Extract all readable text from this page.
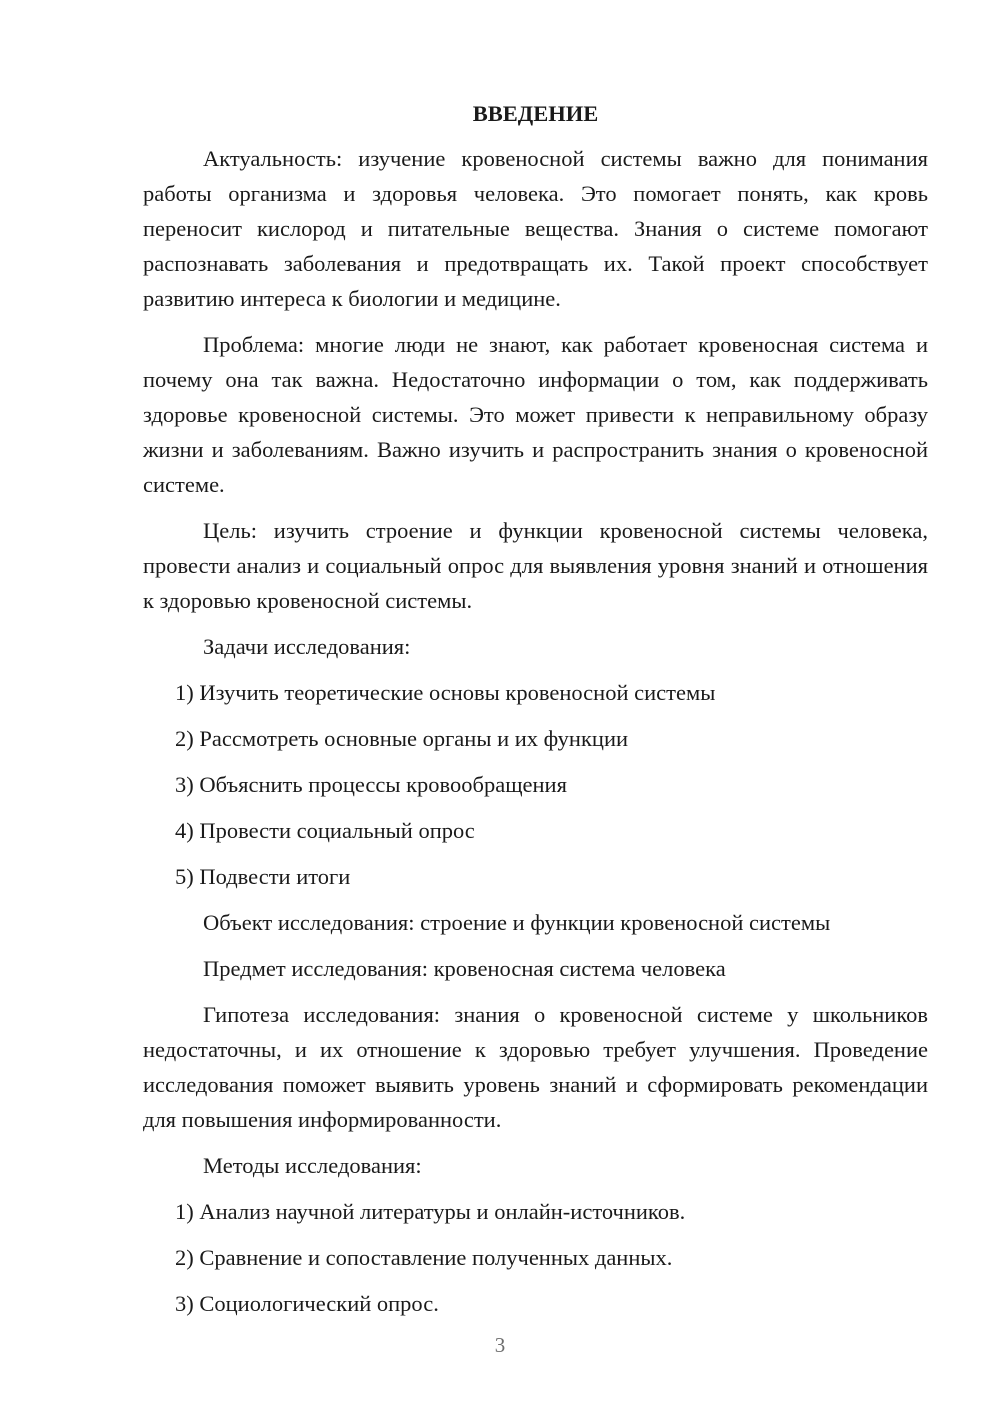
ВВЕДЕНИЕ
Актуальность: изучение кровеносной системы важно для понимания работы организма и здоровья человека. Это помогает понять, как кровь переносит кислород и питательные вещества. Знания о системе помогают распознавать заболевания и предотвращать их. Такой проект способствует развитию интереса к биологии и медицине.
Проблема: многие люди не знают, как работает кровеносная система и почему она так важна. Недостаточно информации о том, как поддерживать здоровье кровеносной системы. Это может привести к неправильному образу жизни и заболеваниям. Важно изучить и распространить знания о кровеносной системе.
Цель: изучить строение и функции кровеносной системы человека, провести анализ и социальный опрос для выявления уровня знаний и отношения к здоровью кровеносной системы.
Задачи исследования:
1) Изучить теоретические основы кровеносной системы
2) Рассмотреть основные органы и их функции
3) Объяснить процессы кровообращения
4) Провести социальный опрос
5) Подвести итоги
Объект исследования: строение и функции кровеносной системы
Предмет исследования: кровеносная система человека
Гипотеза исследования: знания о кровеносной системе у школьников недостаточны, и их отношение к здоровью требует улучшения. Проведение исследования поможет выявить уровень знаний и сформировать рекомендации для повышения информированности.
Методы исследования:
1) Анализ научной литературы и онлайн-источников.
2) Сравнение и сопоставление полученных данных.
3) Социологический опрос.
3
